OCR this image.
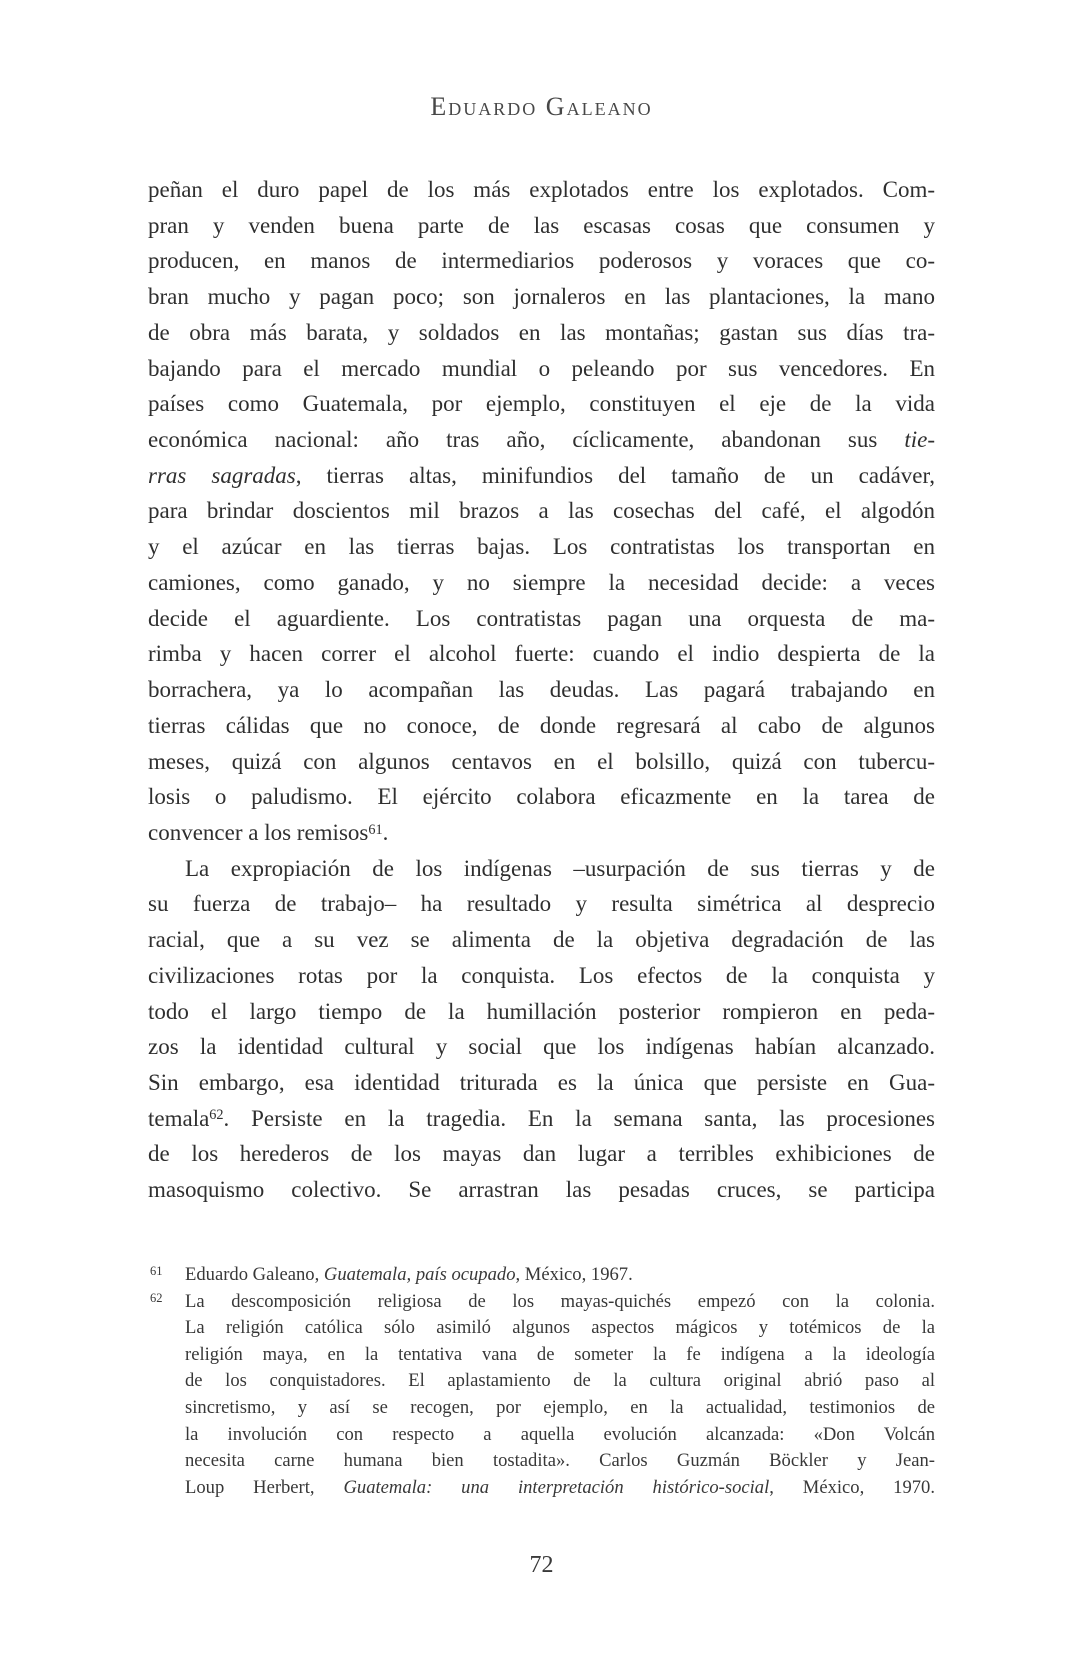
Eduardo Galeano
peñan el duro papel de los más explotados entre los explotados. Com-
pran y venden buena parte de las escasas cosas que consumen y
producen, en manos de intermediarios poderosos y voraces que co-
bran mucho y pagan poco; son jornaleros en las plantaciones, la mano
de obra más barata, y soldados en las montañas; gastan sus días tra-
bajando para el mercado mundial o peleando por sus vencedores. En
países como Guatemala, por ejemplo, constituyen el eje de la vida
económica nacional: año tras año, cíclicamente, abandonan sus tie-
rras sagradas, tierras altas, minifundios del tamaño de un cadáver,
para brindar doscientos mil brazos a las cosechas del café, el algodón
y el azúcar en las tierras bajas. Los contratistas los transportan en
camiones, como ganado, y no siempre la necesidad decide: a veces
decide el aguardiente. Los contratistas pagan una orquesta de ma-
rimba y hacen correr el alcohol fuerte: cuando el indio despierta de la
borrachera, ya lo acompañan las deudas. Las pagará trabajando en
tierras cálidas que no conoce, de donde regresará al cabo de algunos
meses, quizá con algunos centavos en el bolsillo, quizá con tubercu-
losis o paludismo. El ejército colabora eficazmente en la tarea de
convencer a los remisos$^{61}$.
La expropiación de los indígenas –usurpación de sus tierras y de
su fuerza de trabajo– ha resultado y resulta simétrica al desprecio
racial, que a su vez se alimenta de la objetiva degradación de las
civilizaciones rotas por la conquista. Los efectos de la conquista y
todo el largo tiempo de la humillación posterior rompieron en peda-
zos la identidad cultural y social que los indígenas habían alcanzado.
Sin embargo, esa identidad triturada es la única que persiste en Gua-
temala$^{62}$. Persiste en la tragedia. En la semana santa, las procesiones
de los herederos de los mayas dan lugar a terribles exhibiciones de
masoquismo colectivo. Se arrastran las pesadas cruces, se participa
61 Eduardo Galeano, Guatemala, país ocupado, México, 1967.
62 La descomposición religiosa de los mayas-quichés empezó con la colonia.
La religión católica sólo asimiló algunos aspectos mágicos y totémicos de la
religión maya, en la tentativa vana de someter la fe indígena a la ideología
de los conquistadores. El aplastamiento de la cultura original abrió paso al
sincretismo, y así se recogen, por ejemplo, en la actualidad, testimonios de
la involución con respecto a aquella evolución alcanzada: «Don Volcán
necesita carne humana bien tostadita». Carlos Guzmán Böckler y Jean-
Loup Herbert, Guatemala: una interpretación histórico-social, México, 1970.
72
